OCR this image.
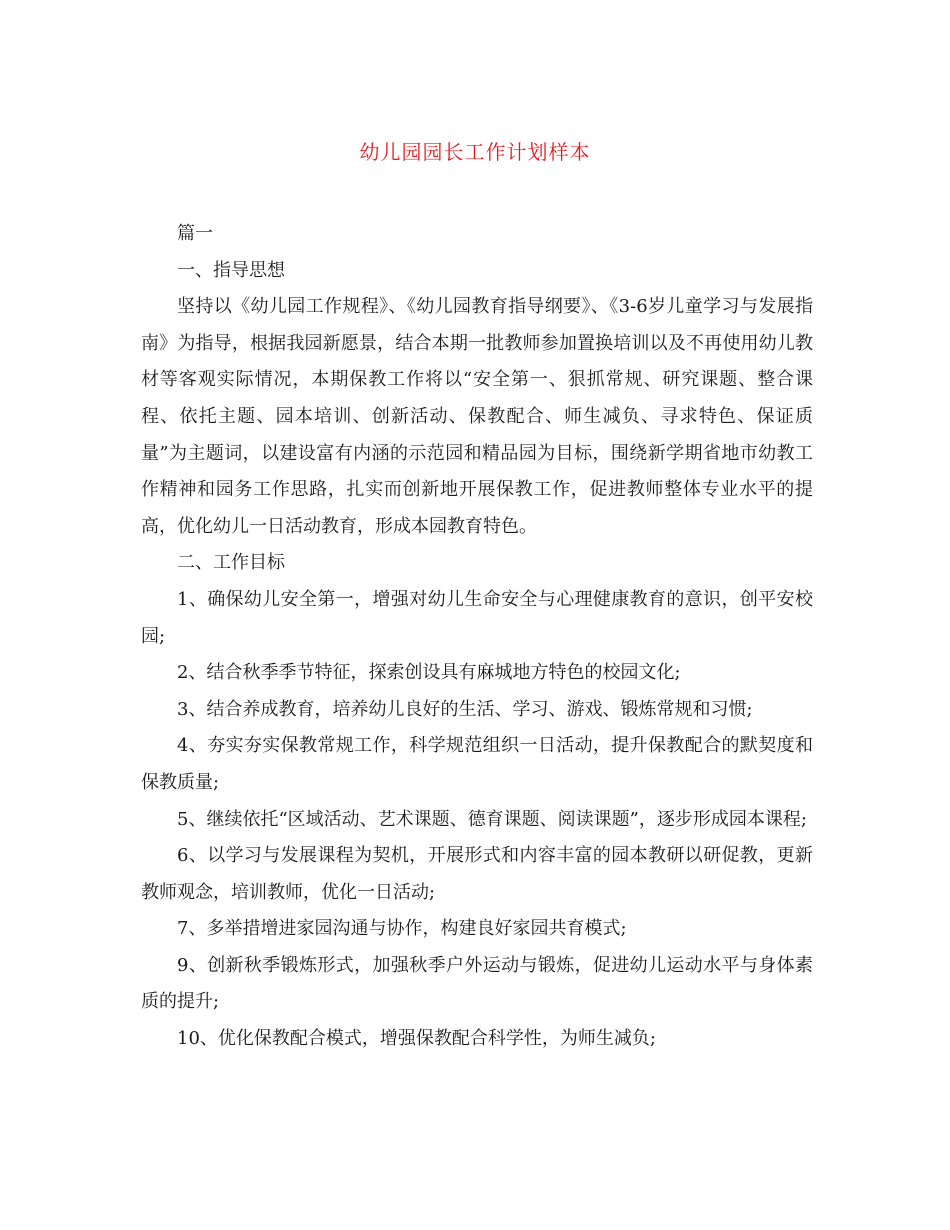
幼儿园园长工作计划样本

篇一

一、指导思想

坚持以《幼儿园工作规程》、《幼儿园教育指导纲要》、《3-6岁儿童学习与发展指南》为指导，根据我园新愿景，结合本期一批教师参加置换培训以及不再使用幼儿教材等客观实际情况，本期保教工作将以“安全第一、狠抓常规、研究课题、整合课程、依托主题、园本培训、创新活动、保教配合、师生减负、寻求特色、保证质量”为主题词，以建设富有内涵的示范园和精品园为目标，围绕新学期省地市幼教工作精神和园务工作思路，扎实而创新地开展保教工作，促进教师整体专业水平的提高，优化幼儿一日活动教育，形成本园教育特色。

二、工作目标

1、确保幼儿安全第一，增强对幼儿生命安全与心理健康教育的意识，创平安校园;

2、结合秋季季节特征，探索创设具有麻城地方特色的校园文化;

3、结合养成教育，培养幼儿良好的生活、学习、游戏、锻炼常规和习惯;

4、夯实夯实保教常规工作，科学规范组织一日活动，提升保教配合的默契度和保教质量;

5、继续依托“区域活动、艺术课题、德育课题、阅读课题”，逐步形成园本课程;

6、以学习与发展课程为契机，开展形式和内容丰富的园本教研以研促教，更新教师观念，培训教师，优化一日活动;

7、多举措增进家园沟通与协作，构建良好家园共育模式;

9、创新秋季锻炼形式，加强秋季户外运动与锻炼，促进幼儿运动水平与身体素质的提升;

10、优化保教配合模式，增强保教配合科学性，为师生减负;
